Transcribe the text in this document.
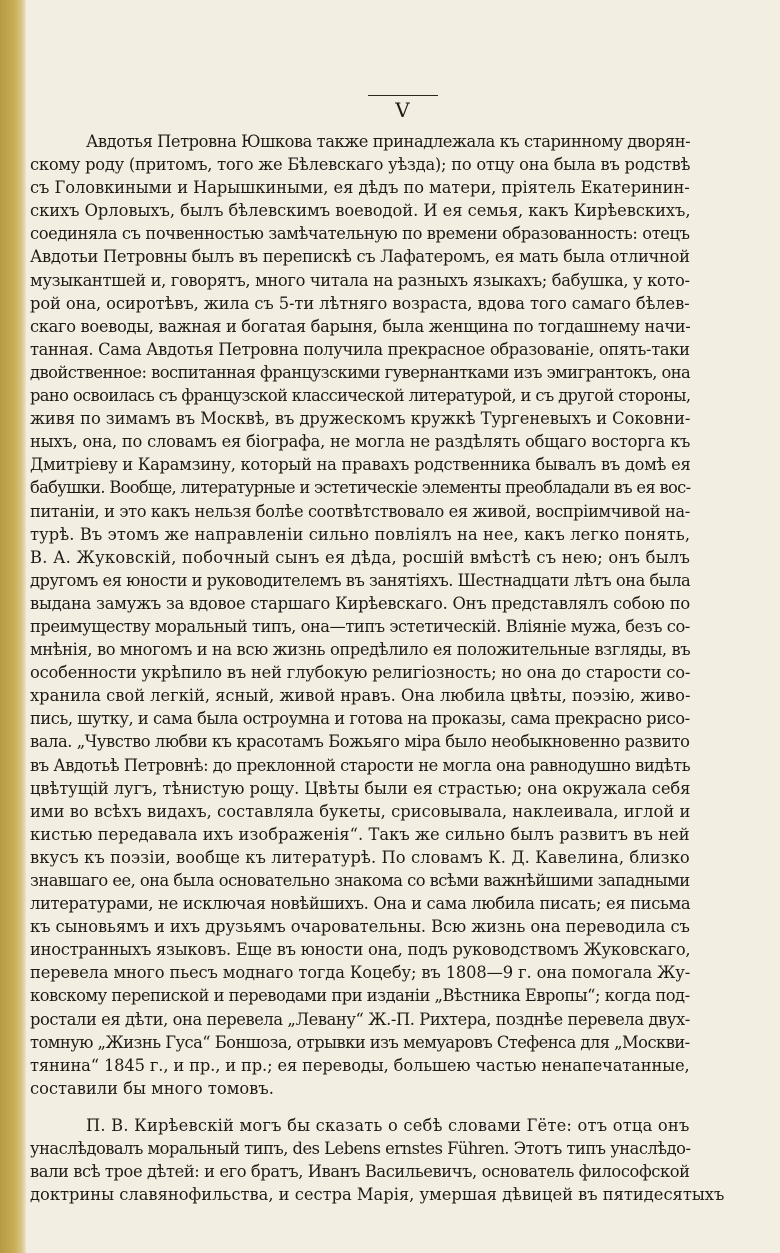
V
Авдотья Петровна Юшкова также принадлежала къ старинному дворян-
скому роду (притомъ, того же Бѣлевскаго уѣзда); по отцу она была въ родствѣ
съ Головкиными и Нарышкиными, ея дѣдъ по матери, пріятель Екатеринин-
скихъ Орловыхъ, былъ бѣлевскимъ воеводой. И ея семья, какъ Кирѣевскихъ,
соединяла съ почвенностью замѣчательную по времени образованность: отецъ
Авдотьи Петровны былъ въ перепискѣ съ Лафатеромъ, ея мать была отличной
музыкантшей и, говорятъ, много читала на разныхъ языкахъ; бабушка, у кото-
рой она, осиротѣвъ, жила съ 5-ти лѣтняго возраста, вдова того самаго бѣлев-
скаго воеводы, важная и богатая барыня, была женщина по тогдашнему начи-
танная. Сама Авдотья Петровна получила прекрасное образованіе, опять-таки
двойственное: воспитанная французскими гувернантками изъ эмигрантокъ, она
рано освоилась съ французской классической литературой, и съ другой стороны,
живя по зимамъ въ Москвѣ, въ дружескомъ кружкѣ Тургеневыхъ и Соковни-
ныхъ, она, по словамъ ея біографа, не могла не раздѣлять общаго восторга къ
Дмитріеву и Карамзину, который на правахъ родственника бывалъ въ домѣ ея
бабушки. Вообще, литературные и эстетическіе элементы преобладали въ ея вос-
питаніи, и это какъ нельзя болѣе соотвѣтствовало ея живой, воспріимчивой на-
турѣ. Въ этомъ же направленіи сильно повліялъ на нее, какъ легко понять,
В. А. Жуковскій, побочный сынъ ея дѣда, росшій вмѣстѣ съ нею; онъ былъ
другомъ ея юности и руководителемъ въ занятіяхъ. Шестнадцати лѣтъ она была
выдана замужъ за вдовое старшаго Кирѣевскаго. Онъ представлялъ собою по
преимуществу моральный типъ, она—типъ эстетическій. Вліяніе мужа, безъ со-
мнѣнія, во многомъ и на всю жизнь опредѣлило ея положительные взгляды, въ
особенности укрѣпило въ ней глубокую религіозность; но она до старости со-
хранила свой легкій, ясный, живой нравъ. Она любила цвѣты, поэзію, живо-
пись, шутку, и сама была остроумна и готова на проказы, сама прекрасно рисо-
вала. „Чувство любви къ красотамъ Божьяго міра было необыкновенно развито
въ Авдотьѣ Петровнѣ: до преклонной старости не могла она равнодушно видѣть
цвѣтущій лугъ, тѣнистую рощу. Цвѣты были ея страстью; она окружала себя
ими во всѣхъ видахъ, составляла букеты, срисовывала, наклеивала, иглой и
кистью передавала ихъ изображенія“. Такъ же сильно былъ развитъ въ ней
вкусъ къ поэзіи, вообще къ литературѣ. По словамъ К. Д. Кавелина, близко
знавшаго ее, она была основательно знакома со всѣми важнѣйшими западными
литературами, не исключая новѣйшихъ. Она и сама любила писать; ея письма
къ сыновьямъ и ихъ друзьямъ очаровательны. Всю жизнь она переводила съ
иностранныхъ языковъ. Еще въ юности она, подъ руководствомъ Жуковскаго,
перевела много пьесъ моднаго тогда Коцебу; въ 1808—9 г. она помогала Жу-
ковскому перепиской и переводами при изданіи „Вѣстника Европы“; когда под-
ростали ея дѣти, она перевела „Левану“ Ж.-П. Рихтера, позднѣе перевела двух-
томную „Жизнь Гуса“ Боншоза, отрывки изъ мемуаровъ Стефенса для „Москви-
тянина“ 1845 г., и пр., и пр.; ея переводы, большею частью ненапечатанные,
составили бы много томовъ.
П. В. Кирѣевскій могъ бы сказать о себѣ словами Гёте: отъ отца онъ
унаслѣдовалъ моральный типъ, des Lebens ernstes Führen. Этотъ типъ унаслѣдо-
вали всѣ трое дѣтей: и его братъ, Иванъ Васильевичъ, основатель философской
доктрины славянофильства, и сестра Марія, умершая дѣвицей въ пятидесятыхъ
